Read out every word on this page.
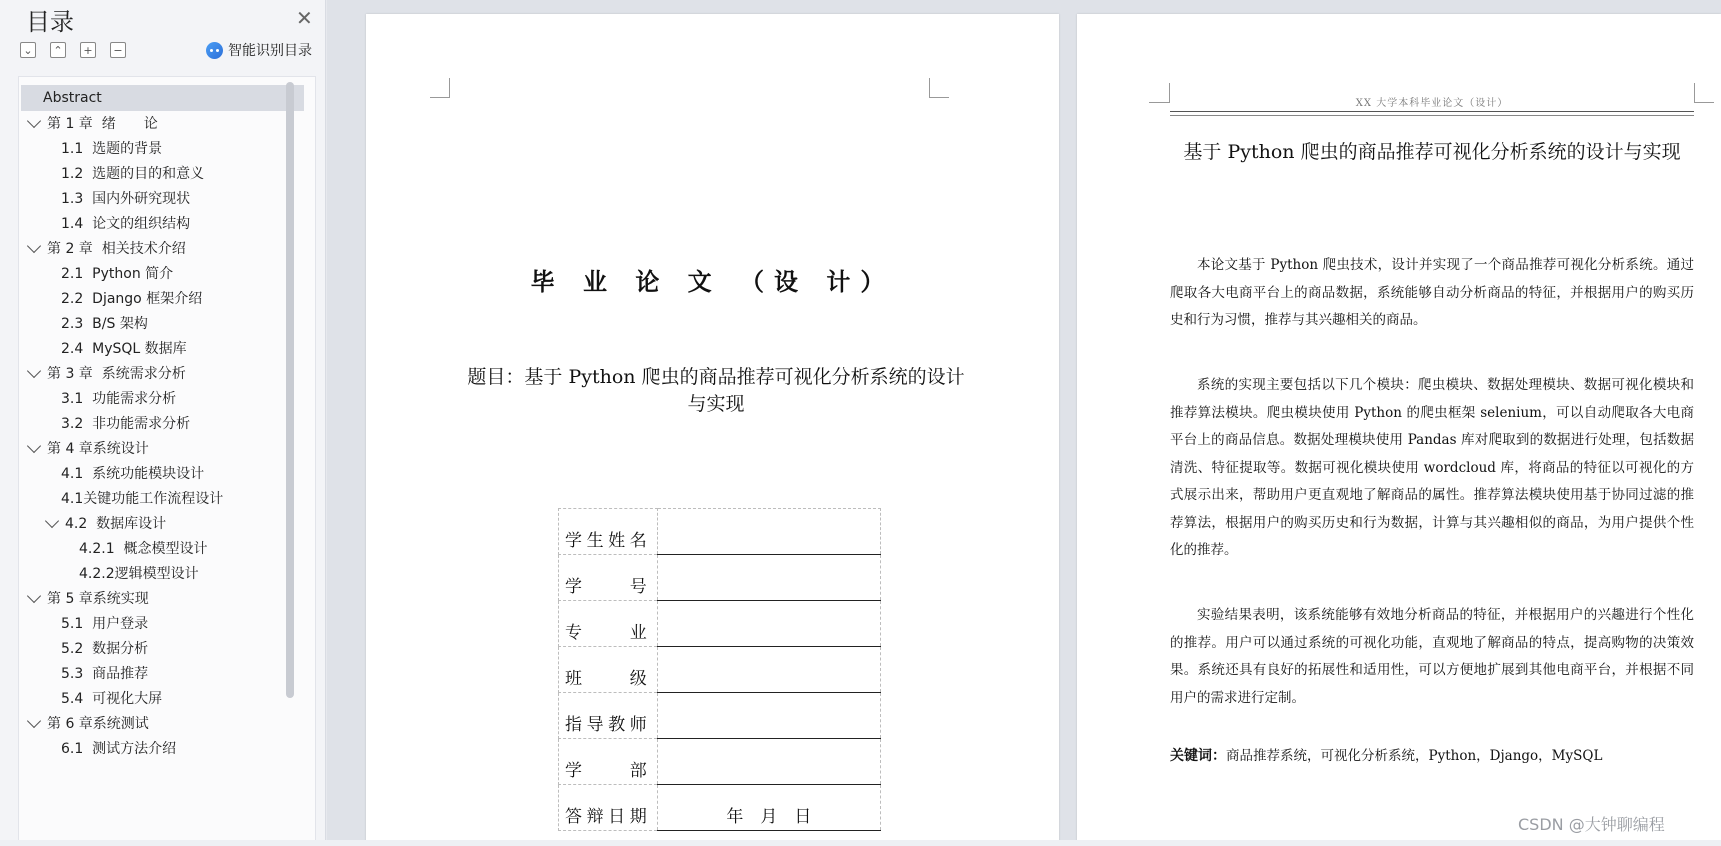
目录	✕
⌄	⌃	+	−	智能识别目录
Abstract
第 1 章  绪　　论
1.1  选题的背景
1.2  选题的目的和意义
1.3  国内外研究现状
1.4  论文的组织结构
第 2 章  相关技术介绍
2.1  Python 简介
2.2  Django 框架介绍
2.3  B/S 架构
2.4  MySQL 数据库
第 3 章  系统需求分析
3.1  功能需求分析
3.2  非功能需求分析
第 4 章系统设计
4.1  系统功能模块设计
4.1关键功能工作流程设计
4.2  数据库设计
4.2.1  概念模型设计
4.2.2逻辑模型设计
第 5 章系统实现
5.1  用户登录
5.2  数据分析
5.3  商品推荐
5.4  可视化大屏
第 6 章系统测试
6.1  测试方法介绍
毕 业 论 文 （设 计）
题目：基于 Python 爬虫的商品推荐可视化分析系统的设计与实现
学生姓名	
学号	
专业	
班级	
指导教师	
学部	
答辩日期	年　月　日
XX 大学本科毕业论文（设计）
基于 Python 爬虫的商品推荐可视化分析系统的设计与实现
本论文基于 Python 爬虫技术，设计并实现了一个商品推荐可视化分析系统。通过爬取各大电商平台上的商品数据，系统能够自动分析商品的特征，并根据用户的购买历史和行为习惯，推荐与其兴趣相关的商品。
系统的实现主要包括以下几个模块：爬虫模块、数据处理模块、数据可视化模块和推荐算法模块。爬虫模块使用 Python 的爬虫框架 selenium，可以自动爬取各大电商平台上的商品信息。数据处理模块使用 Pandas 库对爬取到的数据进行处理，包括数据清洗、特征提取等。数据可视化模块使用 wordcloud 库，将商品的特征以可视化的方式展示出来，帮助用户更直观地了解商品的属性。推荐算法模块使用基于协同过滤的推荐算法，根据用户的购买历史和行为数据，计算与其兴趣相似的商品，为用户提供个性化的推荐。
实验结果表明，该系统能够有效地分析商品的特征，并根据用户的兴趣进行个性化的推荐。用户可以通过系统的可视化功能，直观地了解商品的特点，提高购物的决策效果。系统还具有良好的拓展性和适用性，可以方便地扩展到其他电商平台，并根据不同用户的需求进行定制。
关键词：商品推荐系统，可视化分析系统，Python，Django，MySQL
CSDN @大钟聊编程
